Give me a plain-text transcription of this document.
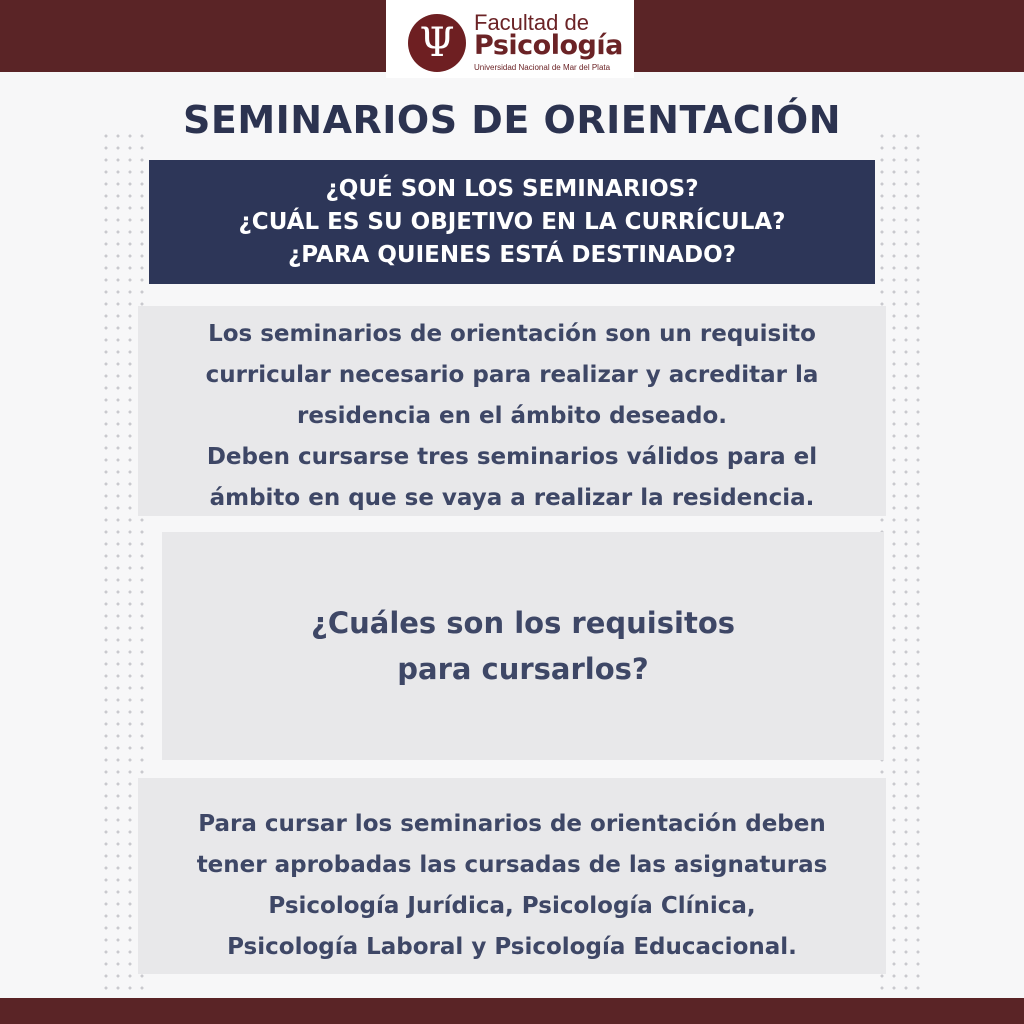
Ψ Facultad de
Psicología
Universidad Nacional de Mar del Plata
SEMINARIOS DE ORIENTACIÓN
¿QUÉ SON LOS SEMINARIOS?
¿CUÁL ES SU OBJETIVO EN LA CURRÍCULA?
¿PARA QUIENES ESTÁ DESTINADO?

Los seminarios de orientación son un requisito

curricular necesario para realizar y acreditar la

residencia en el ámbito deseado.

Deben cursarse tres seminarios válidos para el

ámbito en que se vaya a realizar la residencia.

¿Cuáles son los requisitos

para cursarlos?

Para cursar los seminarios de orientación deben

tener aprobadas las cursadas de las asignaturas

Psicología Jurídica, Psicología Clínica,

Psicología Laboral y Psicología Educacional.
